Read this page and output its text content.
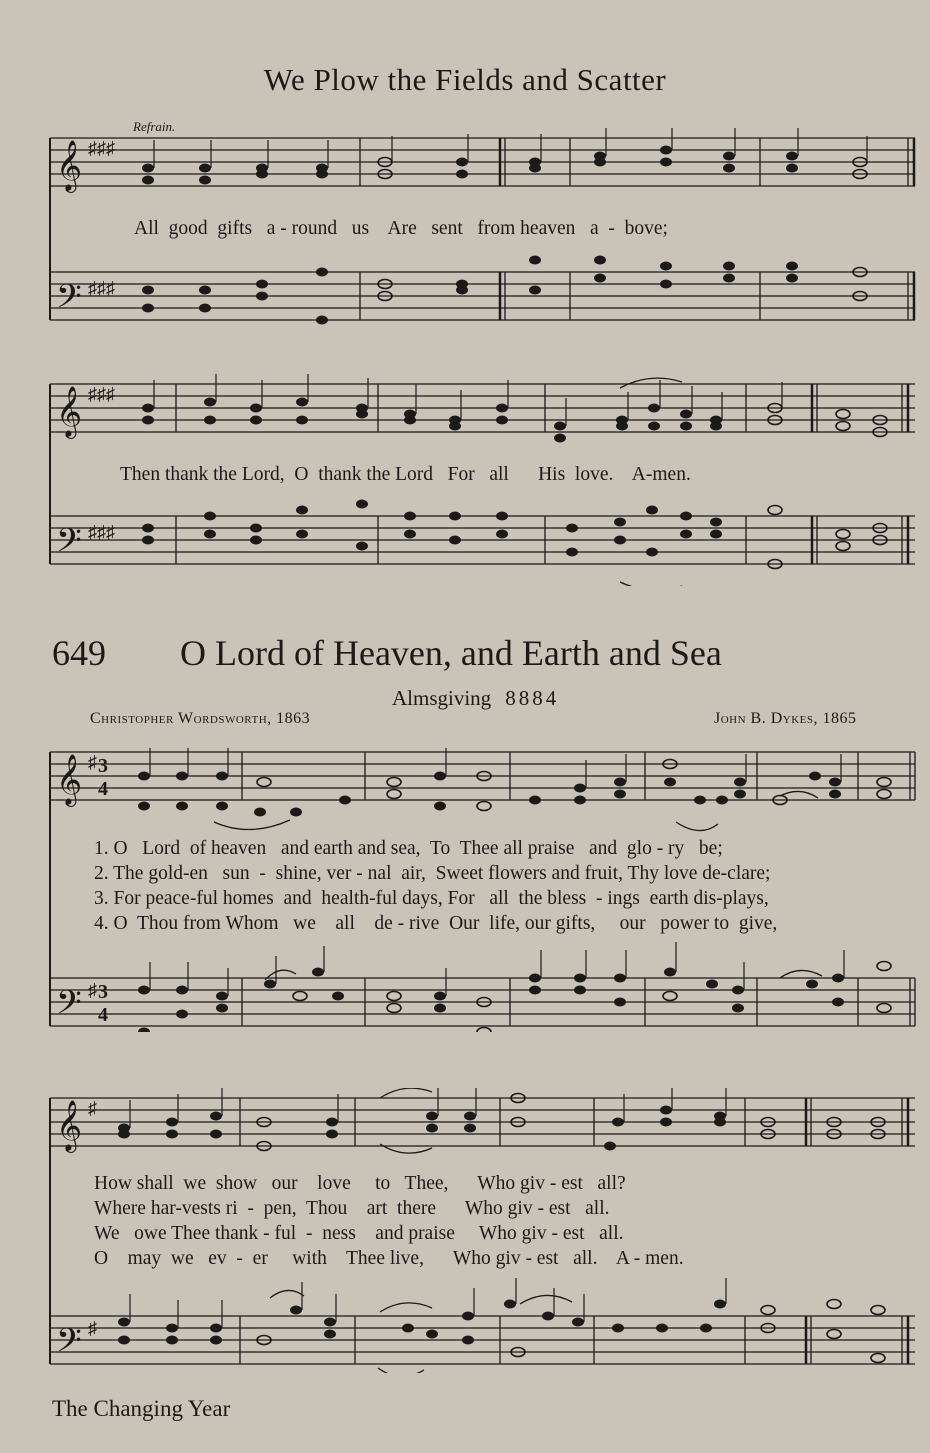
We Plow the Fields and Scatter
Refrain.
𝄞
𝄢
♯♯♯
♯♯♯
All  good  gifts   a - round   us    Are   sent   from heaven   a  -  bove;
𝄞
𝄢
♯♯♯
♯♯♯
Then thank the Lord,  O  thank the Lord   For   all      His  love.    A-men.
649 O Lord of Heaven, and Earth and Sea
Almsgiving 8884
Christopher Wordsworth, 1863	John B. Dykes, 1865
𝄞
𝄢
♯
♯
3
4
3
4
1. O   Lord  of heaven   and earth and sea,  To  Thee all praise   and  glo - ry   be;
2. The gold-en   sun  -  shine, ver - nal  air,  Sweet flowers and fruit, Thy love de-clare;
3. For peace-ful homes  and  health-ful days, For   all  the bless  - ings  earth dis-plays,
4. O  Thou from Whom   we    all    de - rive  Our  life, our gifts,     our   power to  give,
𝄞
𝄢
♯
♯
How shall  we  show   our    love     to   Thee,      Who giv - est   all?
Where har-vests ri  -  pen,  Thou    art  there      Who giv - est   all.
We   owe Thee thank - ful  -  ness    and praise     Who giv - est   all.
O    may  we   ev  -  er     with    Thee live,      Who giv - est   all.    A - men.
The Changing Year
